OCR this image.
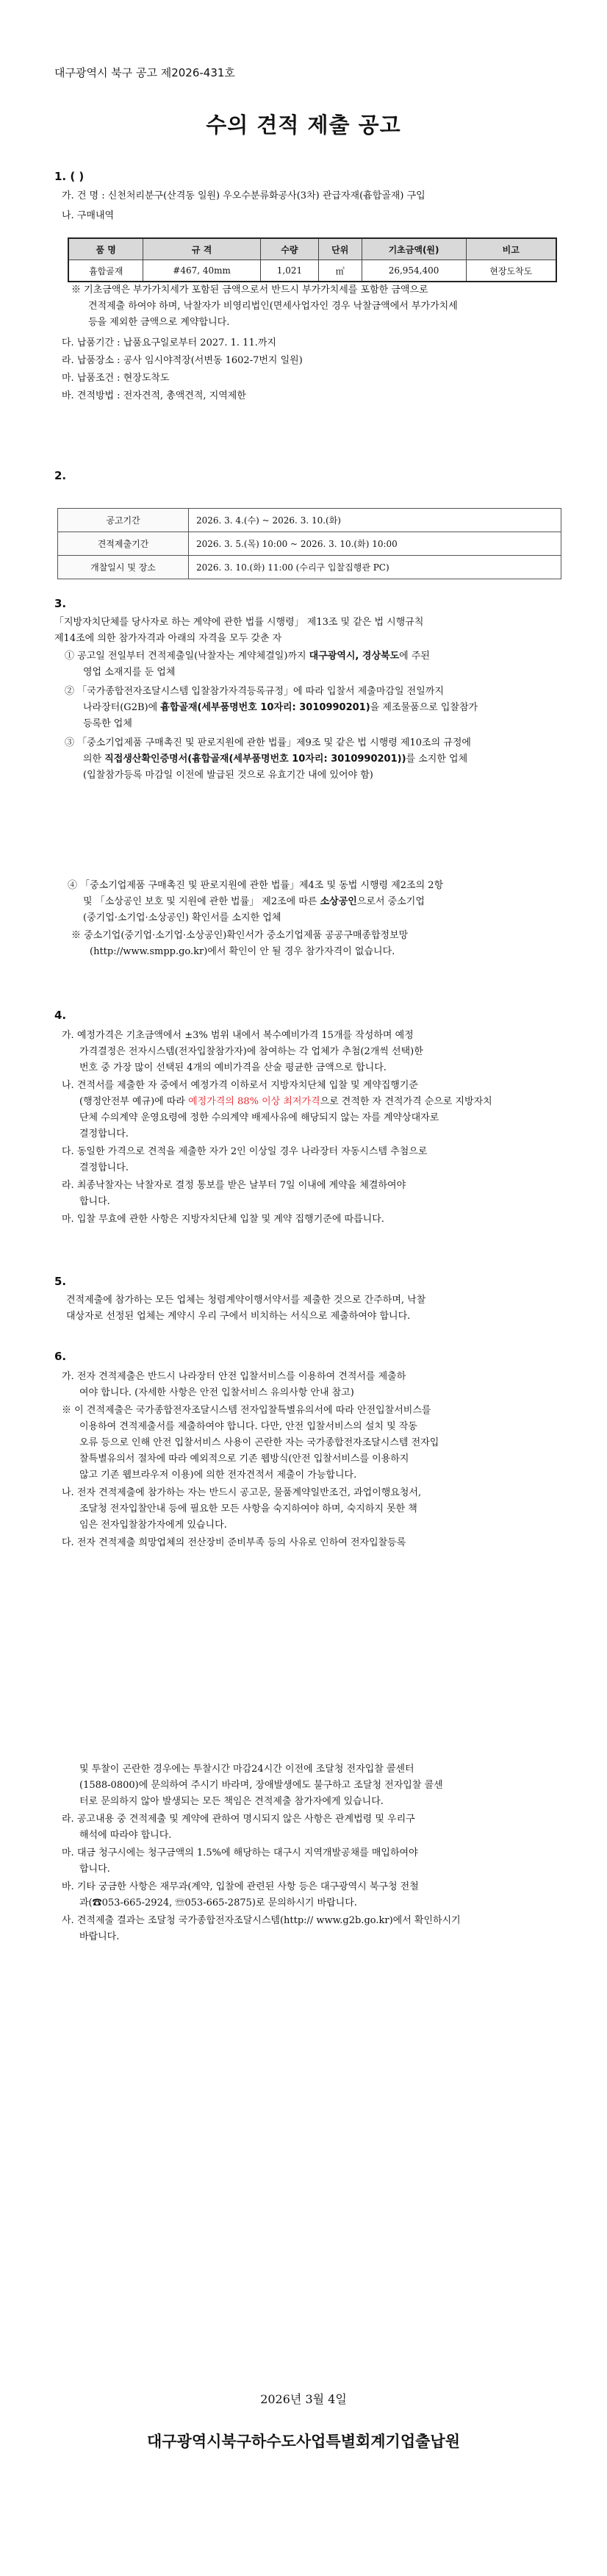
대구광역시 북구 공고 제2026-431호
수의 견적 제출 공고
1. ( )
가. 건 명 : 신천처리분구(산격동 일원) 우오수분류화공사(3차) 관급자재(흄합골재) 구입
나. 구매내역
품 명	규 격	수량	단위	기초금액(원)	비고
흄합골재	#467, 40mm	1,021	㎥	26,954,400	현장도착도
※ 기초금액은 부가가치세가 포함된 금액으로서 반드시 부가가치세를 포함한 금액으로
견적제출 하여야 하며, 낙찰자가 비영리법인(면세사업자인 경우 낙찰금액에서 부가가치세
등을 제외한 금액으로 계약합니다.
다. 납품기간 : 납품요구일로부터 2027. 1. 11.까지
라. 납품장소 : 공사 임시야적장(서변동 1602-7번지 일원)
마. 납품조건 : 현장도착도
바. 견적방법 : 전자견적, 총액견적, 지역제한
2.
공고기간	2026. 3. 4.(수) ~ 2026. 3. 10.(화)
견적제출기간	2026. 3. 5.(목) 10:00 ~ 2026. 3. 10.(화) 10:00
개찰일시 및 장소	2026. 3. 10.(화) 11:00 (수리구 입찰집행관 PC)
3.
「지방자치단체를 당사자로 하는 계약에 관한 법률 시행령」 제13조 및 같은 법 시행규칙
제14조에 의한 참가자격과 아래의 자격을 모두 갖춘 자
① 공고일 전일부터 견적제출일(낙찰자는 계약체결일)까지 대구광역시, 경상북도에 주된
영업 소재지를 둔 업체
② 「국가종합전자조달시스템 입찰참가자격등록규정」에 따라 입찰서 제출마감일 전일까지
나라장터(G2B)에 흄합골재(세부품명번호 10자리: 3010990201)을 제조물품으로 입찰참가
등록한 업체
③ 「중소기업제품 구매촉진 및 판로지원에 관한 법률」제9조 및 같은 법 시행령 제10조의 규정에
의한 직접생산확인증명서(흄합골재(세부품명번호 10자리: 3010990201))를 소지한 업체
(입찰참가등록 마감일 이전에 발급된 것으로 유효기간 내에 있어야 함)
④ 「중소기업제품 구매촉진 및 판로지원에 관한 법률」제4조 및 동법 시행령 제2조의 2항
및 「소상공인 보호 및 지원에 관한 법률」 제2조에 따른 소상공인으로서 중소기업
(중기업·소기업·소상공인) 확인서를 소지한 업체
※ 중소기업(중기업·소기업·소상공인)확인서가 중소기업제품 공공구매종합정보망
(http://www.smpp.go.kr)에서 확인이 안 될 경우 참가자격이 없습니다.
4.
가. 예정가격은 기초금액에서 ±3% 범위 내에서 복수예비가격 15개를 작성하며 예정
가격결정은 전자시스템(전자입찰참가자)에 참여하는 각 업체가 추첨(2개씩 선택)한
번호 중 가장 많이 선택된 4개의 예비가격을 산술 평균한 금액으로 합니다.
나. 견적서를 제출한 자 중에서 예정가격 이하로서 지방자치단체 입찰 및 계약집행기준
(행정안전부 예규)에 따라 예정가격의 88% 이상 최저가격으로 견적한 자 견적가격 순으로 지방자치
단체 수의계약 운영요령에 정한 수의계약 배제사유에 해당되지 않는 자를 계약상대자로
결정합니다.
다. 동일한 가격으로 견적을 제출한 자가 2인 이상일 경우 나라장터 자동시스템 추첨으로
결정합니다.
라. 최종낙찰자는 낙찰자로 결정 통보를 받은 날부터 7일 이내에 계약을 체결하여야
합니다.
마. 입찰 무효에 관한 사항은 지방자치단체 입찰 및 계약 집행기준에 따릅니다.
5.
견적제출에 참가하는 모든 업체는 청렴계약이행서약서를 제출한 것으로 간주하며, 낙찰
대상자로 선정된 업체는 계약시 우리 구에서 비치하는 서식으로 제출하여야 합니다.
6.
가. 전자 견적제출은 반드시 나라장터 안전 입찰서비스를 이용하여 견적서를 제출하
여야 합니다. (자세한 사항은 안전 입찰서비스 유의사항 안내 참고)
※ 이 견적제출은 국가종합전자조달시스템 전자입찰특별유의서에 따라 안전입찰서비스를
이용하여 견적제출서를 제출하여야 합니다. 다만, 안전 입찰서비스의 설치 및 작동
오류 등으로 인해 안전 입찰서비스 사용이 곤란한 자는 국가종합전자조달시스템 전자입
찰특별유의서 절차에 따라 예외적으로 기존 웹방식(안전 입찰서비스를 이용하지
않고 기존 웹브라우저 이용)에 의한 전자견적서 제출이 가능합니다.
나. 전자 견적제출에 참가하는 자는 반드시 공고문, 물품계약일반조건, 과업이행요청서,
조달청 전자입찰안내 등에 필요한 모든 사항을 숙지하여야 하며, 숙지하지 못한 책
임은 전자입찰참가자에게 있습니다.
다. 전자 견적제출 희망업체의 전산장비 준비부족 등의 사유로 인하여 전자입찰등록
및 투찰이 곤란한 경우에는 투찰시간 마감24시간 이전에 조달청 전자입찰 콜센터
(1588-0800)에 문의하여 주시기 바라며, 장애발생에도 불구하고 조달청 전자입찰 콜센
터로 문의하지 않아 발생되는 모든 책임은 견적제출 참가자에게 있습니다.
라. 공고내용 중 견적제출 및 계약에 관하여 명시되지 않은 사항은 관계법령 및 우리구
해석에 따라야 합니다.
마. 대금 청구시에는 청구금액의 1.5%에 해당하는 대구시 지역개발공채를 매입하여야
합니다.
바. 기타 궁금한 사항은 재무과(계약, 입찰에 관련된 사항 등은 대구광역시 북구청 전철
과(☎053-665-2924, ☏053-665-2875)로 문의하시기 바랍니다.
사. 견적제출 결과는 조달청 국가종합전자조달시스템(http:// www.g2b.go.kr)에서 확인하시기
바랍니다.
2026년 3월 4일
대구광역시북구하수도사업특별회계기업출납원
